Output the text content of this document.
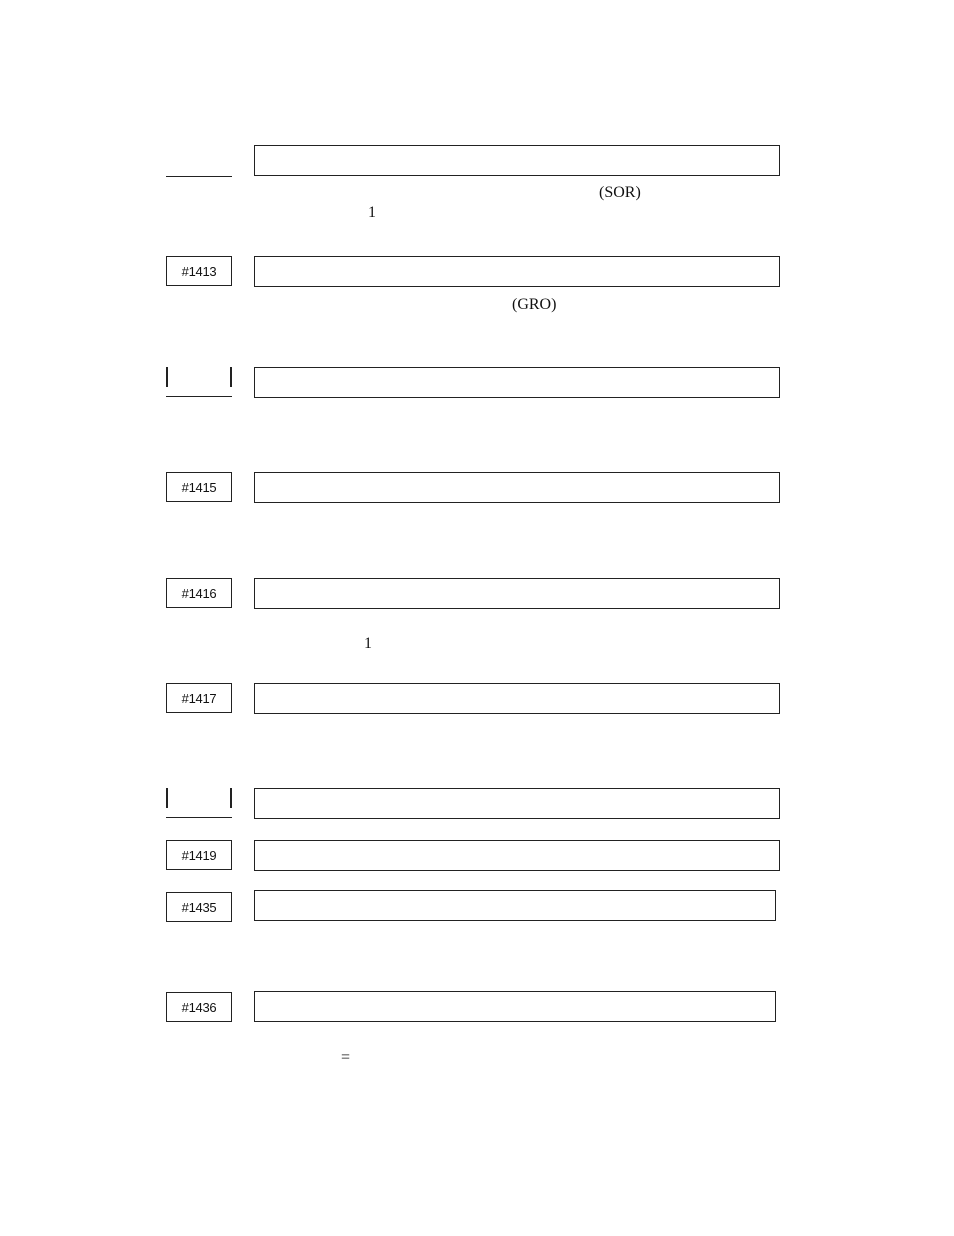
(SOR)
1
#1413
(GRO)
#1415
#1416
1
#1417
#1419
#1435
#1436
=
